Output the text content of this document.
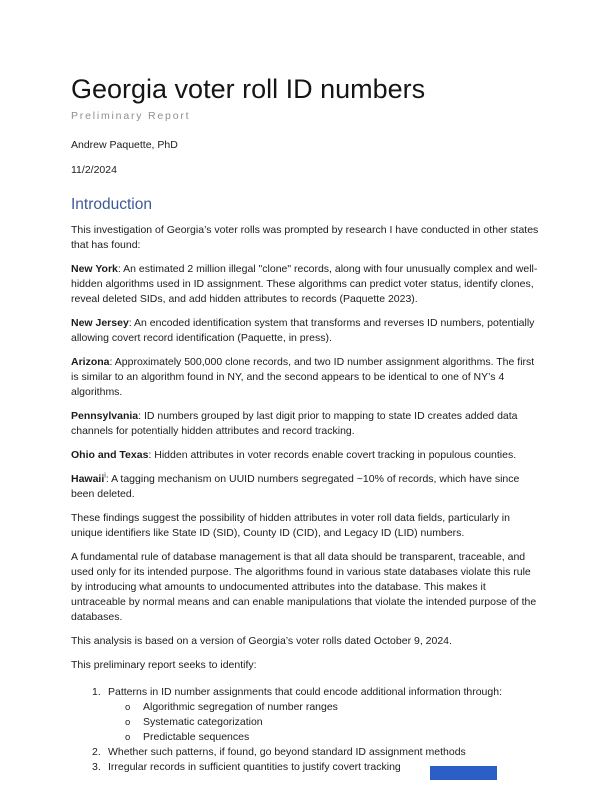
Georgia voter roll ID numbers
Preliminary Report
Andrew Paquette, PhD
11/2/2024
Introduction

This investigation of Georgia’s voter rolls was prompted by research I have conducted in other states that has found:

New York: An estimated 2 million illegal "clone" records, along with four unusually complex and well-hidden algorithms used in ID assignment. These algorithms can predict voter status, identify clones, reveal deleted SIDs, and add hidden attributes to records (Paquette 2023).

New Jersey: An encoded identification system that transforms and reverses ID numbers, potentially allowing covert record identification (Paquette, in press).

Arizona: Approximately 500,000 clone records, and two ID number assignment algorithms. The first is similar to an algorithm found in NY, and the second appears to be identical to one of NY’s 4 algorithms.

Pennsylvania: ID numbers grouped by last digit prior to mapping to state ID creates added data channels for potentially hidden attributes and record tracking.

Ohio and Texas: Hidden attributes in voter records enable covert tracking in populous counties.

Hawaii$^i$: A tagging mechanism on UUID numbers segregated ~10% of records, which have since been deleted.

These findings suggest the possibility of hidden attributes in voter roll data fields, particularly in unique identifiers like State ID (SID), County ID (CID), and Legacy ID (LID) numbers.

A fundamental rule of database management is that all data should be transparent, traceable, and used only for its intended purpose. The algorithms found in various state databases violate this rule by introducing what amounts to undocumented attributes into the database. This makes it untraceable by normal means and can enable manipulations that violate the intended purpose of the databases.

This analysis is based on a version of Georgia’s voter rolls dated October 9, 2024.

This preliminary report seeks to identify:

1. Patterns in ID number assignments that could encode additional information through:
o	Algorithmic segregation of number ranges
o	Systematic categorization
o	Predictable sequences
2. Whether such patterns, if found, go beyond standard ID assignment methods
3. Irregular records in sufficient quantities to justify covert tracking
